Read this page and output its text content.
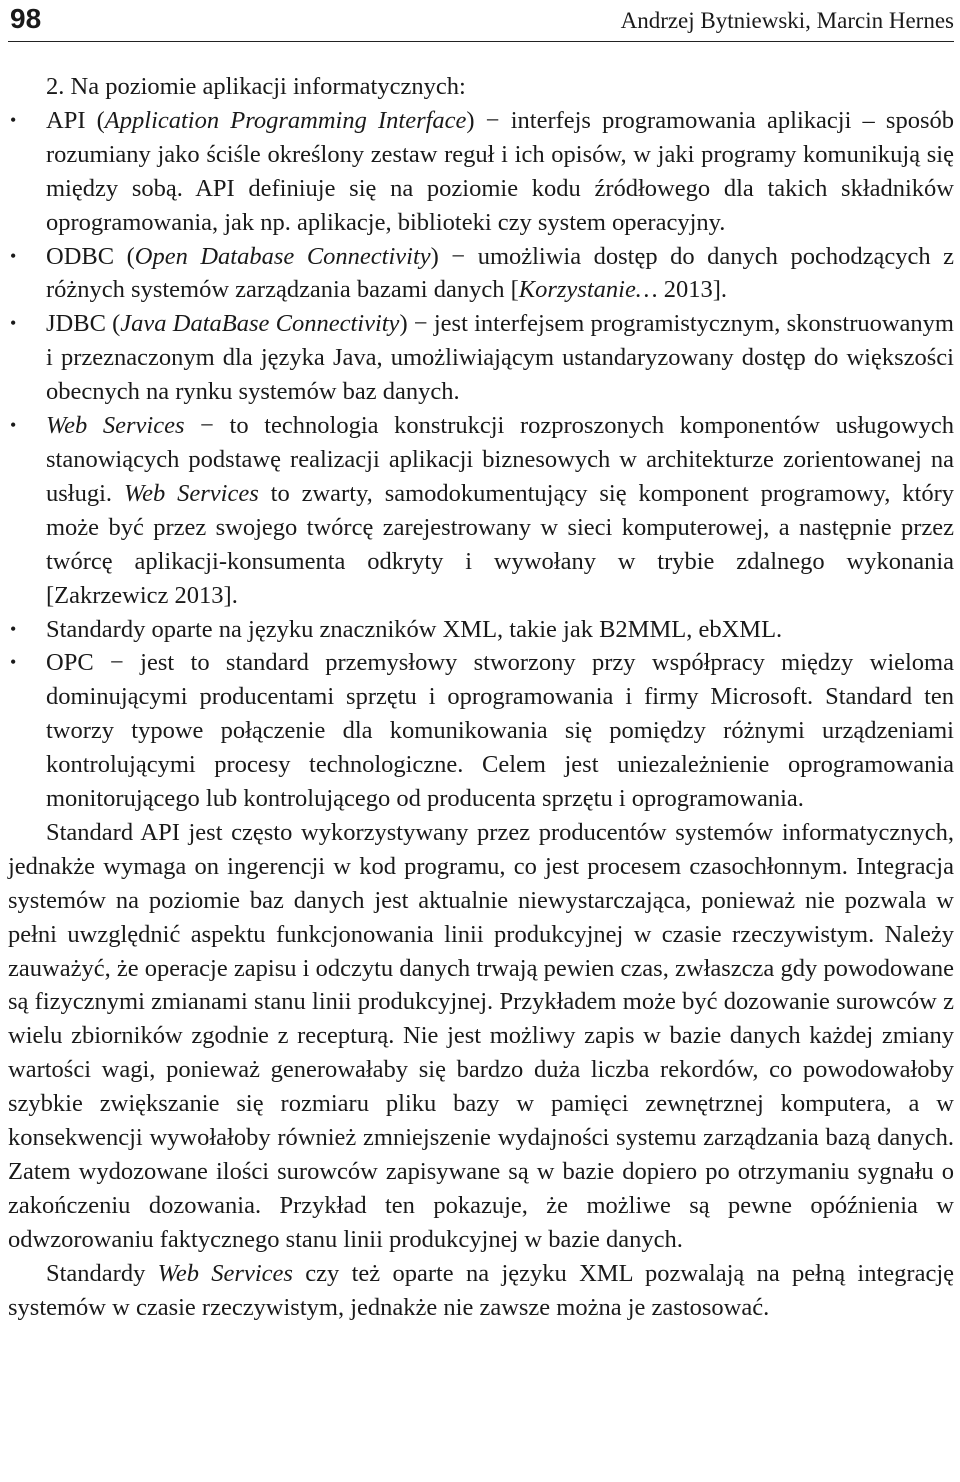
98	Andrzej Bytniewski, Marcin Hernes

2. Na poziomie aplikacji informatycznych:

• API (Application Programming Interface) − interfejs programowania aplikacji – sposób rozumiany jako ściśle określony zestaw reguł i ich opisów, w jaki programy komunikują się między sobą. API definiuje się na poziomie kodu źródłowego dla takich składników oprogramowania, jak np. aplikacje, biblioteki czy system operacyjny.
• ODBC (Open Database Connectivity) − umożliwia dostęp do danych pochodzących z różnych systemów zarządzania bazami danych [Korzystanie… 2013].
• JDBC (Java DataBase Connectivity) − jest interfejsem programistycznym, skonstruowanym i przeznaczonym dla języka Java, umożliwiającym ustandaryzowany dostęp do większości obecnych na rynku systemów baz danych.
• Web Services − to technologia konstrukcji rozproszonych komponentów usługowych stanowiących podstawę realizacji aplikacji biznesowych w architekturze zorientowanej na usługi. Web Services to zwarty, samodokumentujący się komponent programowy, który może być przez swojego twórcę zarejestrowany w sieci komputerowej, a następnie przez twórcę aplikacji-konsumenta odkryty i wywołany w trybie zdalnego wykonania [Zakrzewicz 2013].
• Standardy oparte na języku znaczników XML, takie jak B2MML, ebXML.
• OPC − jest to standard przemysłowy stworzony przy współpracy między wieloma dominującymi producentami sprzętu i oprogramowania i firmy Microsoft. Standard ten tworzy typowe połączenie dla komunikowania się pomiędzy różnymi urządzeniami kontrolującymi procesy technologiczne. Celem jest uniezależnienie oprogramowania monitorującego lub kontrolującego od producenta sprzętu i oprogramowania.

Standard API jest często wykorzystywany przez producentów systemów informatycznych, jednakże wymaga on ingerencji w kod programu, co jest procesem czasochłonnym. Integracja systemów na poziomie baz danych jest aktualnie niewystarczająca, ponieważ nie pozwala w pełni uwzględnić aspektu funkcjonowania linii produkcyjnej w czasie rzeczywistym. Należy zauważyć, że operacje zapisu i odczytu danych trwają pewien czas, zwłaszcza gdy powodowane są fizycznymi zmianami stanu linii produkcyjnej. Przykładem może być dozowanie surowców z wielu zbiorników zgodnie z recepturą. Nie jest możliwy zapis w bazie danych każdej zmiany wartości wagi, ponieważ generowałaby się bardzo duża liczba rekordów, co powodowałoby szybkie zwiększanie się rozmiaru pliku bazy w pamięci zewnętrznej komputera, a w konsekwencji wywołałoby również zmniejszenie wydajności systemu zarządzania bazą danych. Zatem wydozowane ilości surowców zapisywane są w bazie dopiero po otrzymaniu sygnału o zakończeniu dozowania. Przykład ten pokazuje, że możliwe są pewne opóźnienia w odwzorowaniu faktycznego stanu linii produkcyjnej w bazie danych.

Standardy Web Services czy też oparte na języku XML pozwalają na pełną integrację systemów w czasie rzeczywistym, jednakże nie zawsze można je zastosować.
